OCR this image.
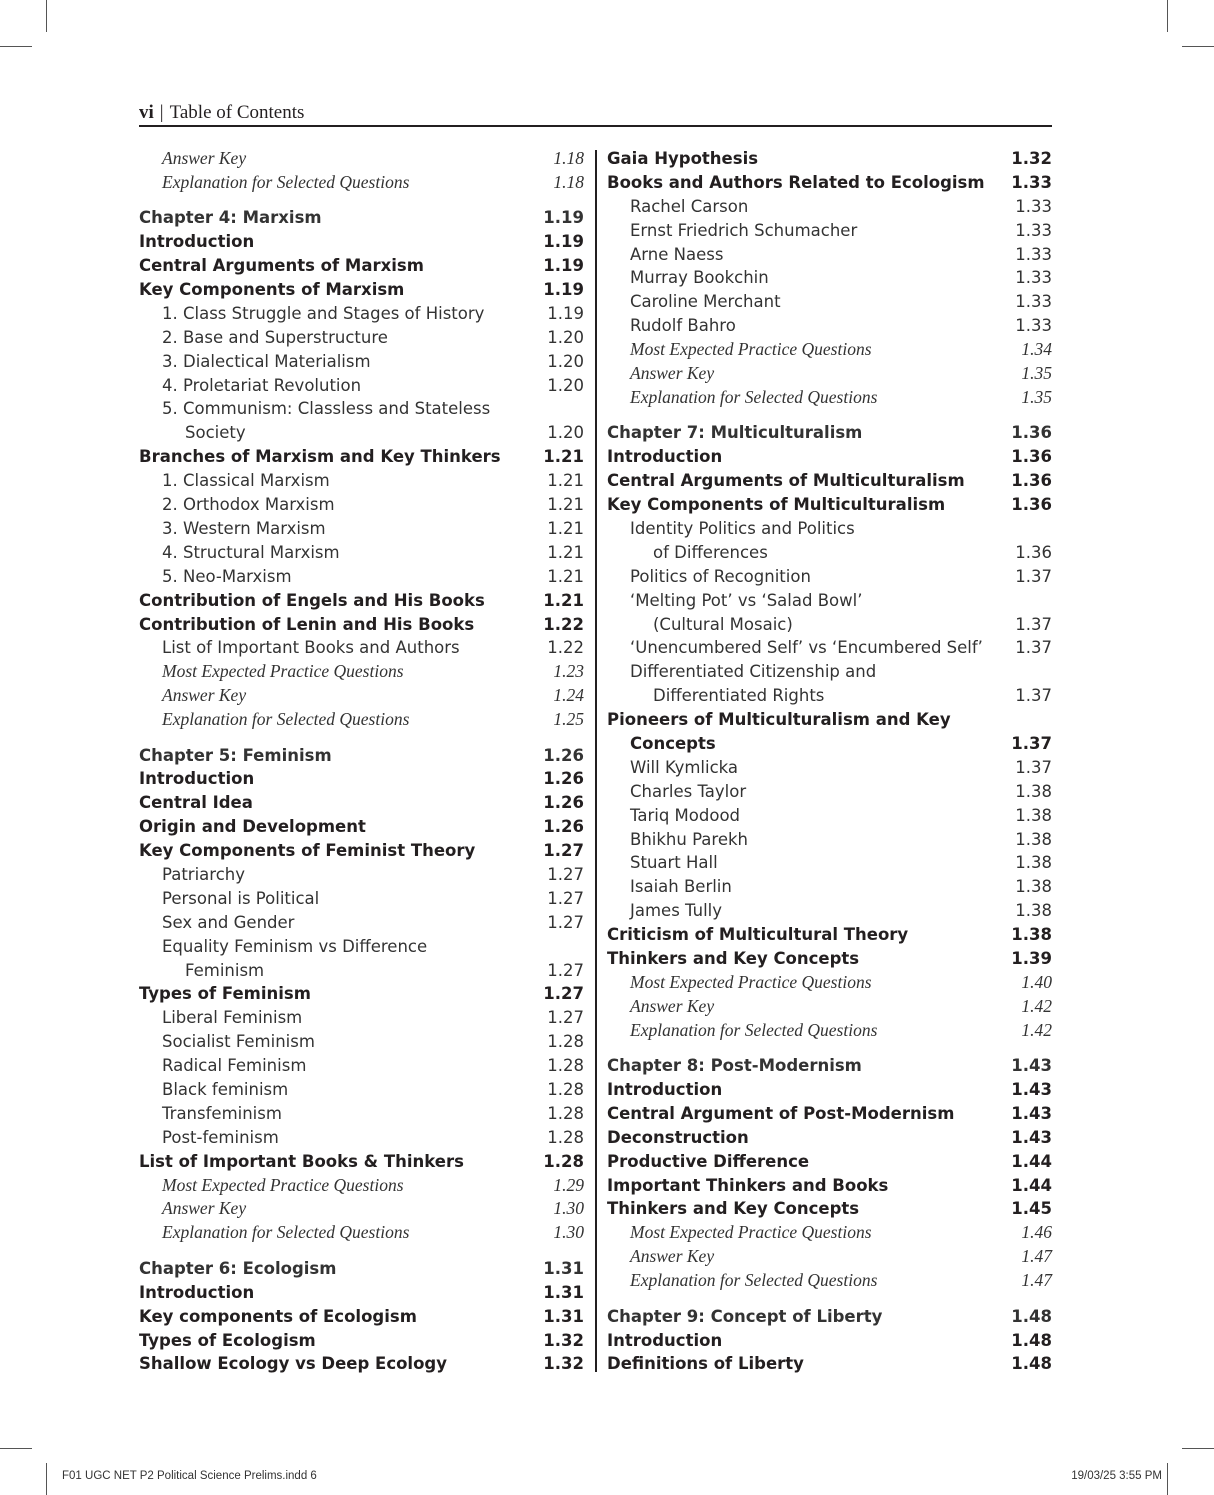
vi | Table of Contents
Answer Key	1.18
Explanation for Selected Questions	1.18
Chapter 4: Marxism	1.19
Introduction	1.19
Central Arguments of Marxism	1.19
Key Components of Marxism	1.19
1. Class Struggle and Stages of History	1.19
2. Base and Superstructure	1.20
3. Dialectical Materialism	1.20
4. Proletariat Revolution	1.20
5. Communism: Classless and Stateless
Society	1.20
Branches of Marxism and Key Thinkers	1.21
1. Classical Marxism	1.21
2. Orthodox Marxism	1.21
3. Western Marxism	1.21
4. Structural Marxism	1.21
5. Neo-Marxism	1.21
Contribution of Engels and His Books	1.21
Contribution of Lenin and His Books	1.22
List of Important Books and Authors	1.22
Most Expected Practice Questions	1.23
Answer Key	1.24
Explanation for Selected Questions	1.25
Chapter 5: Feminism	1.26
Introduction	1.26
Central Idea	1.26
Origin and Development	1.26
Key Components of Feminist Theory	1.27
Patriarchy	1.27
Personal is Political	1.27
Sex and Gender	1.27
Equality Feminism vs Difference
Feminism	1.27
Types of Feminism	1.27
Liberal Feminism	1.27
Socialist Feminism	1.28
Radical Feminism	1.28
Black feminism	1.28
Transfeminism	1.28
Post-feminism	1.28
List of Important Books & Thinkers	1.28
Most Expected Practice Questions	1.29
Answer Key	1.30
Explanation for Selected Questions	1.30
Chapter 6: Ecologism	1.31
Introduction	1.31
Key components of Ecologism	1.31
Types of Ecologism	1.32
Shallow Ecology vs Deep Ecology	1.32
Gaia Hypothesis	1.32
Books and Authors Related to Ecologism	1.33
Rachel Carson	1.33
Ernst Friedrich Schumacher	1.33
Arne Naess	1.33
Murray Bookchin	1.33
Caroline Merchant	1.33
Rudolf Bahro	1.33
Most Expected Practice Questions	1.34
Answer Key	1.35
Explanation for Selected Questions	1.35
Chapter 7: Multiculturalism	1.36
Introduction	1.36
Central Arguments of Multiculturalism	1.36
Key Components of Multiculturalism	1.36
Identity Politics and Politics
of Differences	1.36
Politics of Recognition	1.37
‘Melting Pot’ vs ‘Salad Bowl’
(Cultural Mosaic)	1.37
‘Unencumbered Self’ vs ‘Encumbered Self’	1.37
Differentiated Citizenship and
Differentiated Rights	1.37
Pioneers of Multiculturalism and Key
Concepts	1.37
Will Kymlicka	1.37
Charles Taylor	1.38
Tariq Modood	1.38
Bhikhu Parekh	1.38
Stuart Hall	1.38
Isaiah Berlin	1.38
James Tully	1.38
Criticism of Multicultural Theory	1.38
Thinkers and Key Concepts	1.39
Most Expected Practice Questions	1.40
Answer Key	1.42
Explanation for Selected Questions	1.42
Chapter 8: Post-Modernism	1.43
Introduction	1.43
Central Argument of Post-Modernism	1.43
Deconstruction	1.43
Productive Difference	1.44
Important Thinkers and Books	1.44
Thinkers and Key Concepts	1.45
Most Expected Practice Questions	1.46
Answer Key	1.47
Explanation for Selected Questions	1.47
Chapter 9: Concept of Liberty	1.48
Introduction	1.48
Definitions of Liberty	1.48
F01 UGC NET P2 Political Science Prelims.indd 6	19/03/25 3:55 PM
